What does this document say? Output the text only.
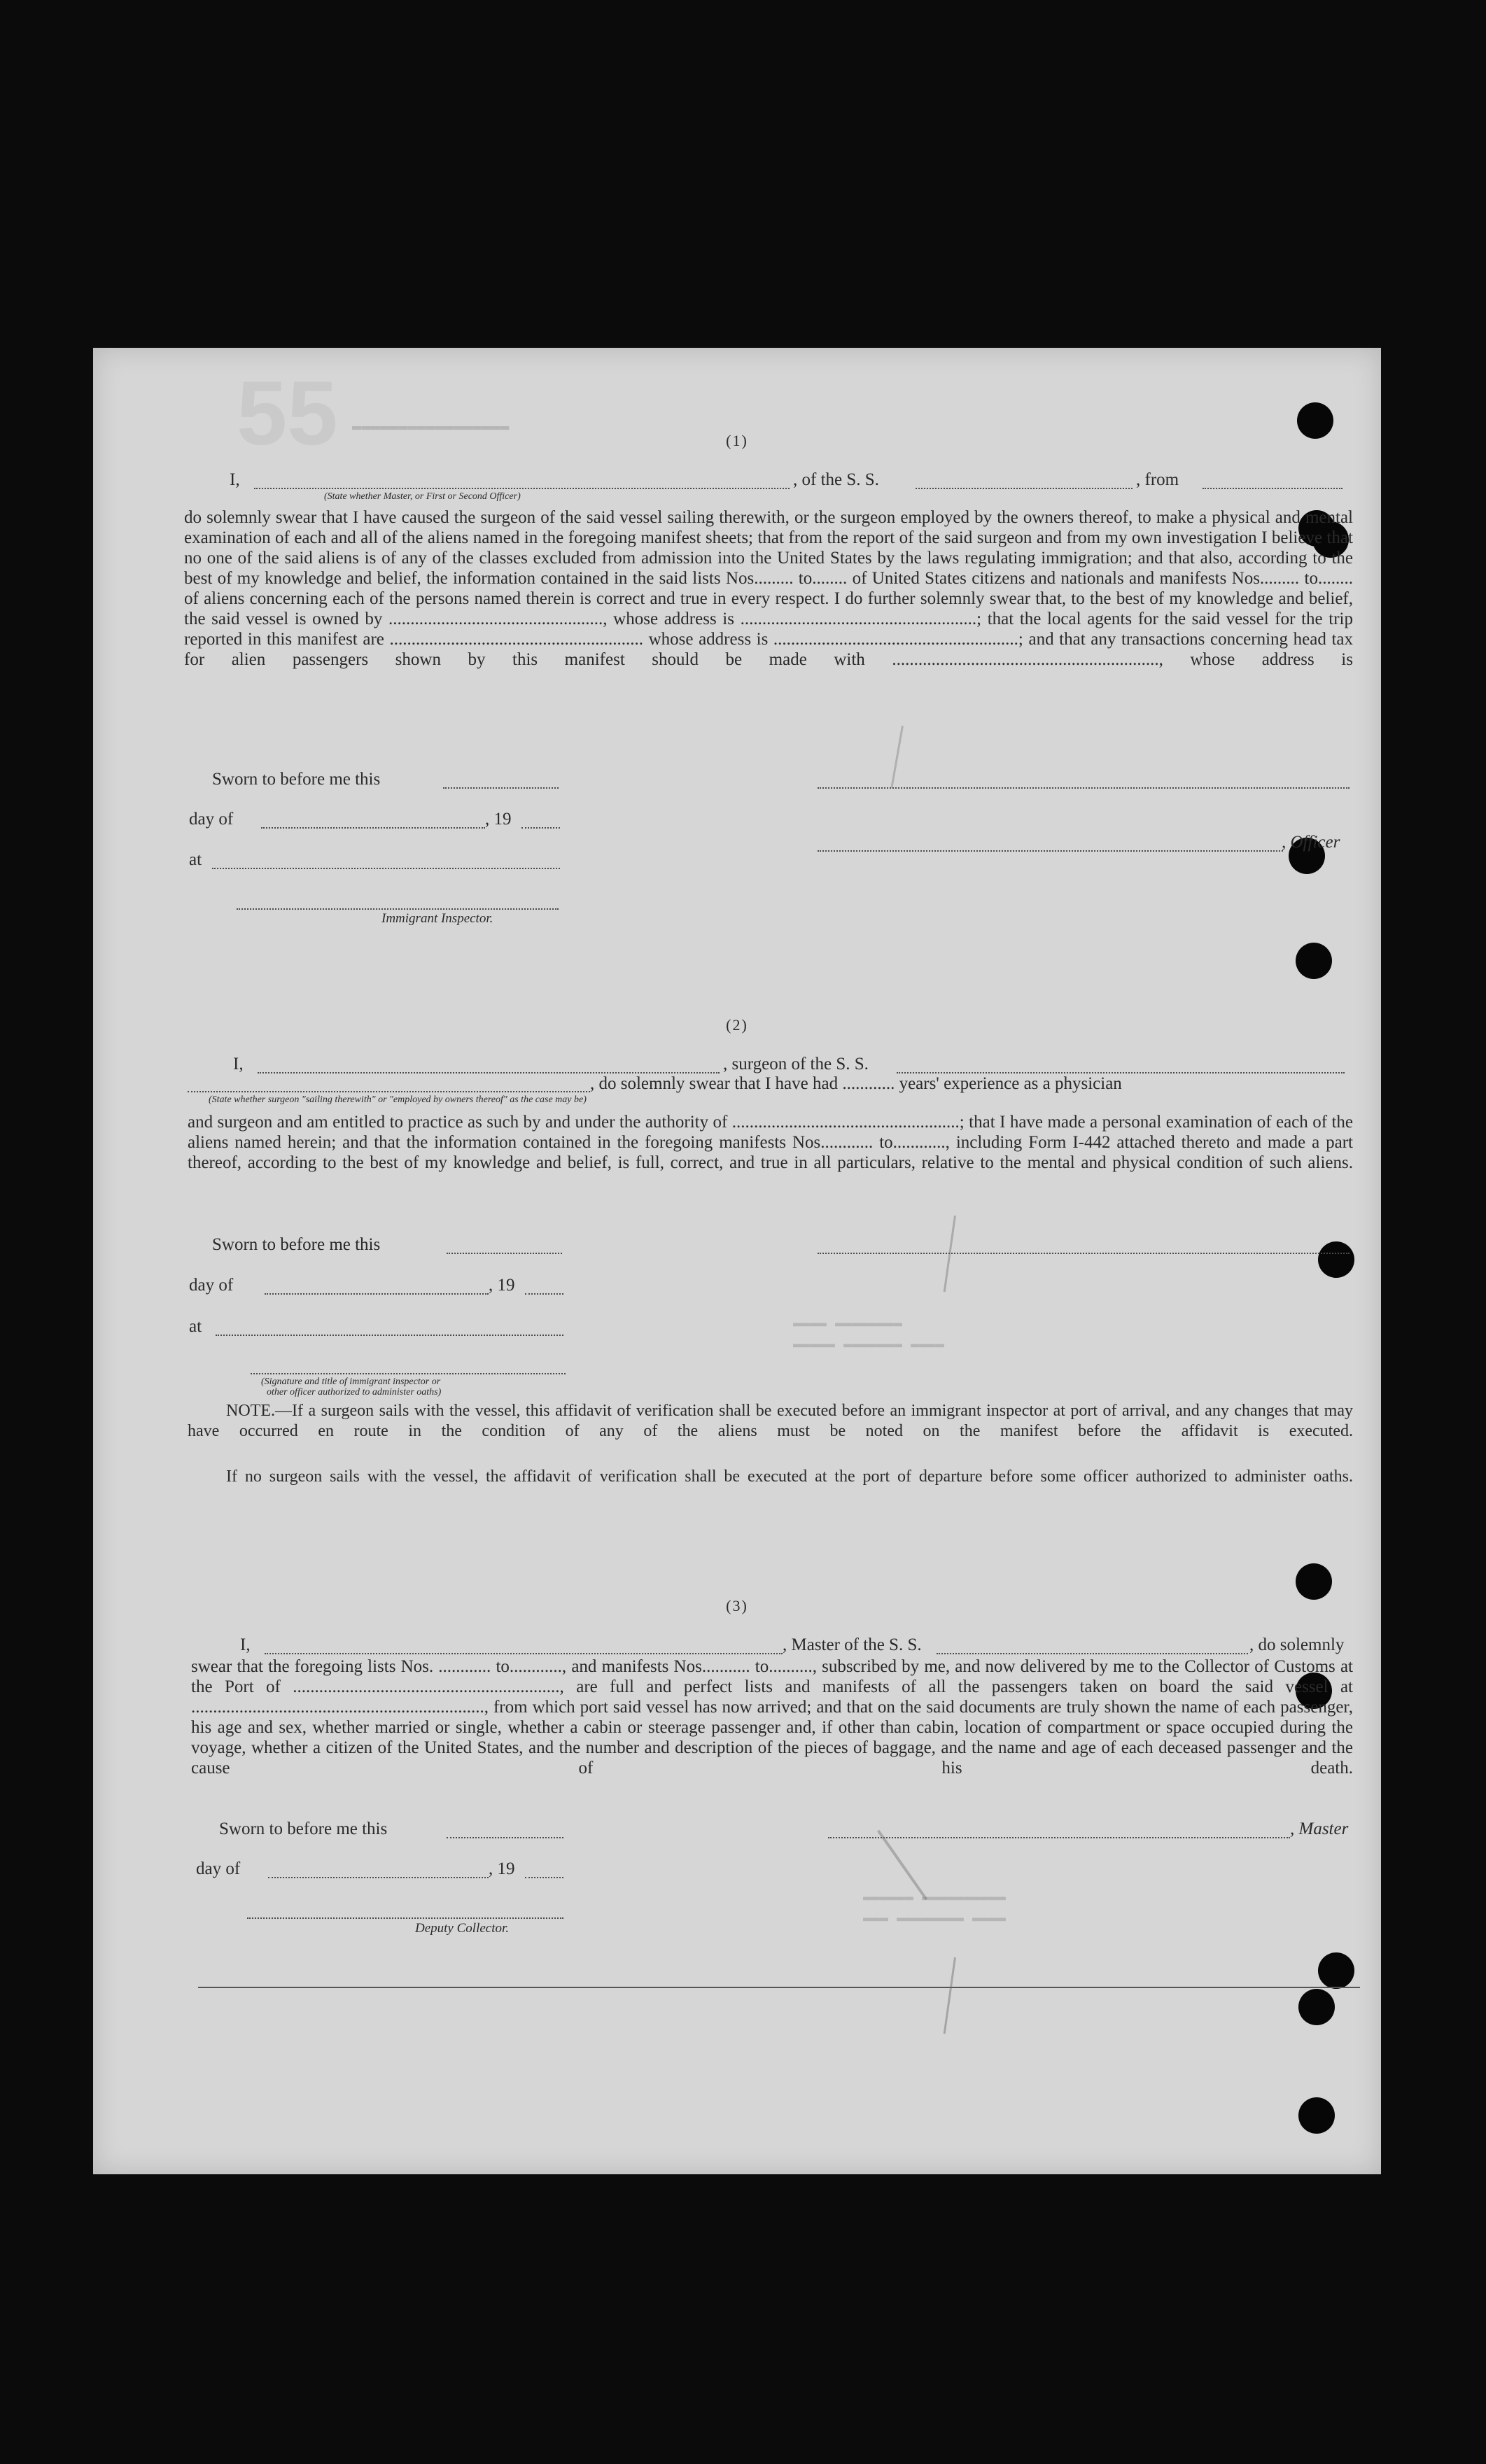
55 ▬▬▬▬▬▬▬▬▬▬▬▬▬▬▬▬▬
▬▬▬▬ ▬▬▬▬▬▬▬▬
▬▬▬▬▬ ▬▬▬▬▬▬▬ ▬▬▬▬
▬▬▬▬▬▬ ▬▬▬▬▬▬▬▬▬▬
▬▬▬ ▬▬▬▬▬▬▬▬ ▬▬▬▬
(1)
I,	, of the S. S.	, from
(State whether Master, or First or Second Officer)
do solemnly swear that I have caused the surgeon of the said vessel sailing therewith, or the surgeon employed by the owners thereof, to make a physical and mental examination of each and all of the aliens named in the foregoing manifest sheets; that from the report of the said surgeon and from my own investigation I believe that no one of the said aliens is of any of the classes excluded from admission into the United States by the laws regulating immigration; and that also, according to the best of my knowledge and belief, the information contained in the said lists Nos......... to........ of United States citizens and nationals and manifests Nos......... to........ of aliens concerning each of the persons named therein is correct and true in every respect. I do further solemnly swear that, to the best of my knowledge and belief, the said vessel is owned by ................................................., whose address is ......................................................; that the local agents for the said vessel for the trip reported in this manifest are .......................................................... whose address is ........................................................; and that any transactions concerning head tax for alien passengers shown by this manifest should be made with ............................................................., whose address is
Sworn to before me this
day of	, 19
at
Immigrant Inspector.
, Officer
(2)
I,	, surgeon of the S. S.
, do solemnly swear that I have had ............ years' experience as a physician
(State whether surgeon "sailing therewith" or "employed by owners thereof" as the case may be)
and surgeon and am entitled to practice as such by and under the authority of ....................................................; that I have made a personal examination of each of the aliens named herein; and that the information contained in the foregoing manifests Nos............ to............, including Form I-442 attached thereto and made a part thereof, according to the best of my knowledge and belief, is full, correct, and true in all particulars, relative to the mental and physical condition of such aliens.
Sworn to before me this
day of	, 19
at
(Signature and title of immigrant inspector or
other officer authorized to administer oaths)
NOTE.—If a surgeon sails with the vessel, this affidavit of verification shall be executed before an immigrant inspector at port of arrival, and any changes that may have occurred en route in the condition of any of the aliens must be noted on the manifest before the affidavit is executed.
If no surgeon sails with the vessel, the affidavit of verification shall be executed at the port of departure before some officer authorized to administer oaths.
(3)
I,	, Master of the S. S.	, do solemnly
swear that the foregoing lists Nos. ............ to............, and manifests Nos........... to.........., subscribed by me, and now delivered by me to the Collector of Customs at the Port of ............................................................., are full and perfect lists and manifests of all the passengers taken on board the said vessel at ..................................................................., from which port said vessel has now arrived; and that on the said documents are truly shown the name of each passenger, his age and sex, whether married or single, whether a cabin or steerage passenger and, if other than cabin, location of compartment or space occupied during the voyage, whether a citizen of the United States, and the number and description of the pieces of baggage, and the name and age of each deceased passenger and the cause of his death.
Sworn to before me this
day of	, 19
Deputy Collector.
, Master
